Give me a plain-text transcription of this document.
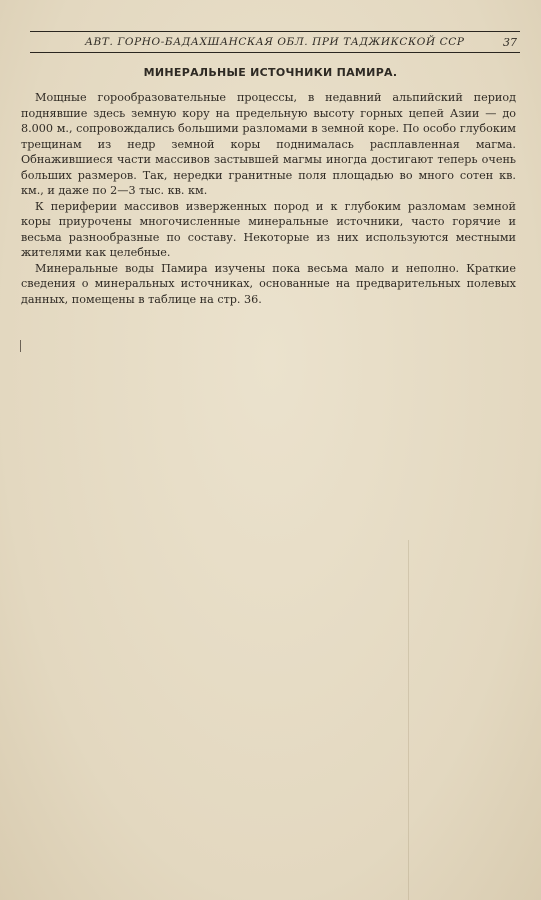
АВТ. ГОРНО-БАДАХШАНСКАЯ ОБЛ. ПРИ ТАДЖИКСКОЙ ССР	37
МИНЕРАЛЬНЫЕ ИСТОЧНИКИ ПАМИРА.

Мощные горообразовательные процессы, в недавний альпийский период поднявшие здесь земную кору на предельную высоту горных цепей Азии — до 8.000 м., сопровождались большими разломами в земной коре. По особо глубоким трещинам из недр земной коры поднималась расплавленная магма. Обнажившиеся части массивов застывшей магмы иногда достигают теперь очень больших размеров. Так, нередки гранитные поля площадью во много сотен кв. км., и даже по 2—3 тыс. кв. км.

К периферии массивов изверженных пород и к глубоким разломам земной коры приурочены многочисленные минеральные источники, часто горячие и весьма разнообразные по составу. Некоторые из них используются местными жителями как целебные.

Минеральные воды Памира изучены пока весьма мало и неполно. Краткие сведения о минеральных источниках, основанные на предварительных полевых данных, помещены в таблице на стр. 36.
